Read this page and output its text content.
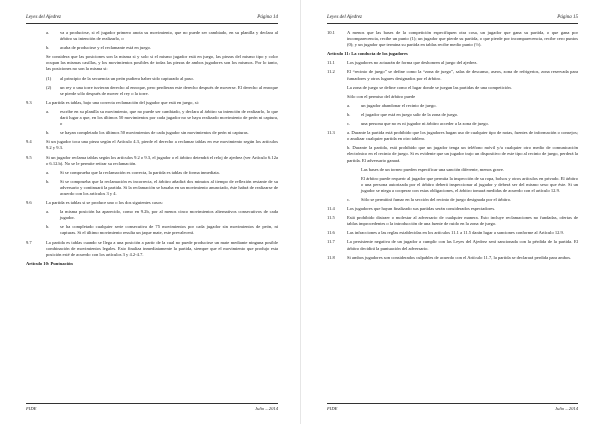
Leyes del Ajedrez	Página 14
a.	va a producirse, si el jugador primero anota su movimiento, que no puede ser cambiado, en su planilla y declara al árbitro su intención de realizarlo, o
b.	acaba de producirse y el reclamante está en juego.
Se considera que las posiciones son la misma si y solo si el mismo jugador está en juego, las piezas del mismo tipo y color ocupan las mismas casillas, y los movimientos posibles de todas las piezas de ambos jugadores son los mismos. Por lo tanto, las posiciones no son la misma si:
(1)	al principio de la secuencia un peón pudiera haber sido capturado al paso.
(2)	un rey o una torre tuvieran derecho al enroque, pero perdieran este derecho después de moverse. El derecho al enroque se pierde sólo después de mover el rey o la torre.
9.3	La partida es tablas, bajo una correcta reclamación del jugador que está en juego, si:
a.	escribe en su planilla su movimiento, que no puede ser cambiado, y declara al árbitro su intención de realizarlo, lo que dará lugar a que, en los últimos 50 movimientos por cada jugador no se haya realizado movimiento de peón ni captura, o
b.	se hayan completado los últimos 50 movimientos de cada jugador sin movimientos de peón ni capturas.
9.4	Si un jugador toca una pieza según el Artículo 4.3, pierde el derecho a reclamar tablas en ese movimiento según los artículos 9.2 y 9.3.
9.5	Si un jugador reclama tablas según los artículos 9.2 o 9.3, el jugador o el árbitro detendrá el reloj de ajedrez (ver Artículo 6.12a o 6.12.b). No se le permite retirar su reclamación.
a.	Si se comprueba que la reclamación es correcta, la partida es tablas de forma inmediata.
b.	Si se comprueba que la reclamación es incorrecta, el árbitro añadirá dos minutos al tiempo de reflexión restante de su adversario y continuará la partida. Si la reclamación se basaba en un movimiento anunciado, éste habrá de realizarse de acuerdo con los artículos 3 y 4.
9.6	La partida es tablas si se produce uno o los dos siguientes casos:
a.	la misma posición ha aparecido, como en 9.2b, por al menos cinco movimientos alternativos consecutivos de cada jugador.
b.	se ha completado cualquier serie consecutiva de 75 movimientos por cada jugador sin movimientos de peón, ni capturas. Si el último movimiento resulta un jaque mate, este prevalecerá.
9.7	La partida es tablas cuando se llega a una posición a partir de la cual no puede producirse un mate mediante ninguna posible combinación de movimientos legales. Esto finaliza inmediatamente la partida, siempre que el movimiento que produjo esta posición esté de acuerdo con los artículos 3 y 4.2-4.7.
Artículo 10: Puntuación
FIDE	Julio – 2014
Leyes del Ajedrez	Página 15
10.1	A menos que las bases de la competición especifiquen otra cosa, un jugador que gana su partida, o que gana por incomparecencia, recibe un punto (1); un jugador que pierde su partida, o que pierde por incomparecencia, recibe cero puntos (0); y un jugador que termina su partida en tablas recibe medio punto (½).
Artículo 11: La conducta de los jugadores
11.1	Los jugadores no actuarán de forma que deshonren al juego del ajedrez.
11.2	El “recinto de juego” se define como la “zona de juego”, salas de descanso, aseos, zona de refrigerios, zona reservada para fumadores y otros lugares designados por el árbitro.
La zona de juego se define como el lugar donde se juegan las partidas de una competición.
Sólo con el permiso del árbitro puede
a.	un jugador abandonar el recinto de juego.
b.	el jugador que está en juego salir de la zona de juego.
c.	una persona que no es ni jugador ni árbitro acceder a la zona de juego.
11.3	a. Durante la partida está prohibido que los jugadores hagan uso de cualquier tipo de notas, fuentes de información o consejos; o analizar cualquier partida en otro tablero.
b. Durante la partida, está prohibido que un jugador tenga un teléfono móvil y/u cualquier otro medio de comunicación electrónico en el recinto de juego. Si es evidente que un jugador trajo un dispositivo de este tipo al recinto de juego, perderá la partida. El adversario ganará.
Las bases de un torneo pueden especificar una sanción diferente, menos grave.
El árbitro puede requerir al jugador que permita la inspección de su ropa, bolsos y otros artículos en privado. El árbitro o una persona autorizada por el árbitro deberá inspeccionar al jugador y deberá ser del mismo sexo que éste. Si un jugador se niega a cooperar con estas obligaciones, el árbitro tomará medidas de acuerdo con el artículo 12.9.
c.	Sólo se permitirá fumar en la sección del recinto de juego designada por el árbitro.
11.4	Los jugadores que hayan finalizado sus partidas serán considerados espectadores.
11.5	Está prohibido distraer o molestar al adversario de cualquier manera. Esto incluye reclamaciones no fundadas, ofertas de tablas improcedentes o la introducción de una fuente de ruido en la zona de juego.
11.6	Las infracciones a las reglas establecidas en los artículos 11.1 a 11.5 darán lugar a sanciones conforme al Artículo 12.9.
11.7	La persistente negativa de un jugador a cumplir con las Leyes del Ajedrez será sancionada con la pérdida de la partida. El árbitro decidirá la puntuación del adversario.
11.8	Si ambos jugadores son considerados culpables de acuerdo con el Artículo 11.7, la partida se declarará perdida para ambos.
FIDE	Julio – 2014
